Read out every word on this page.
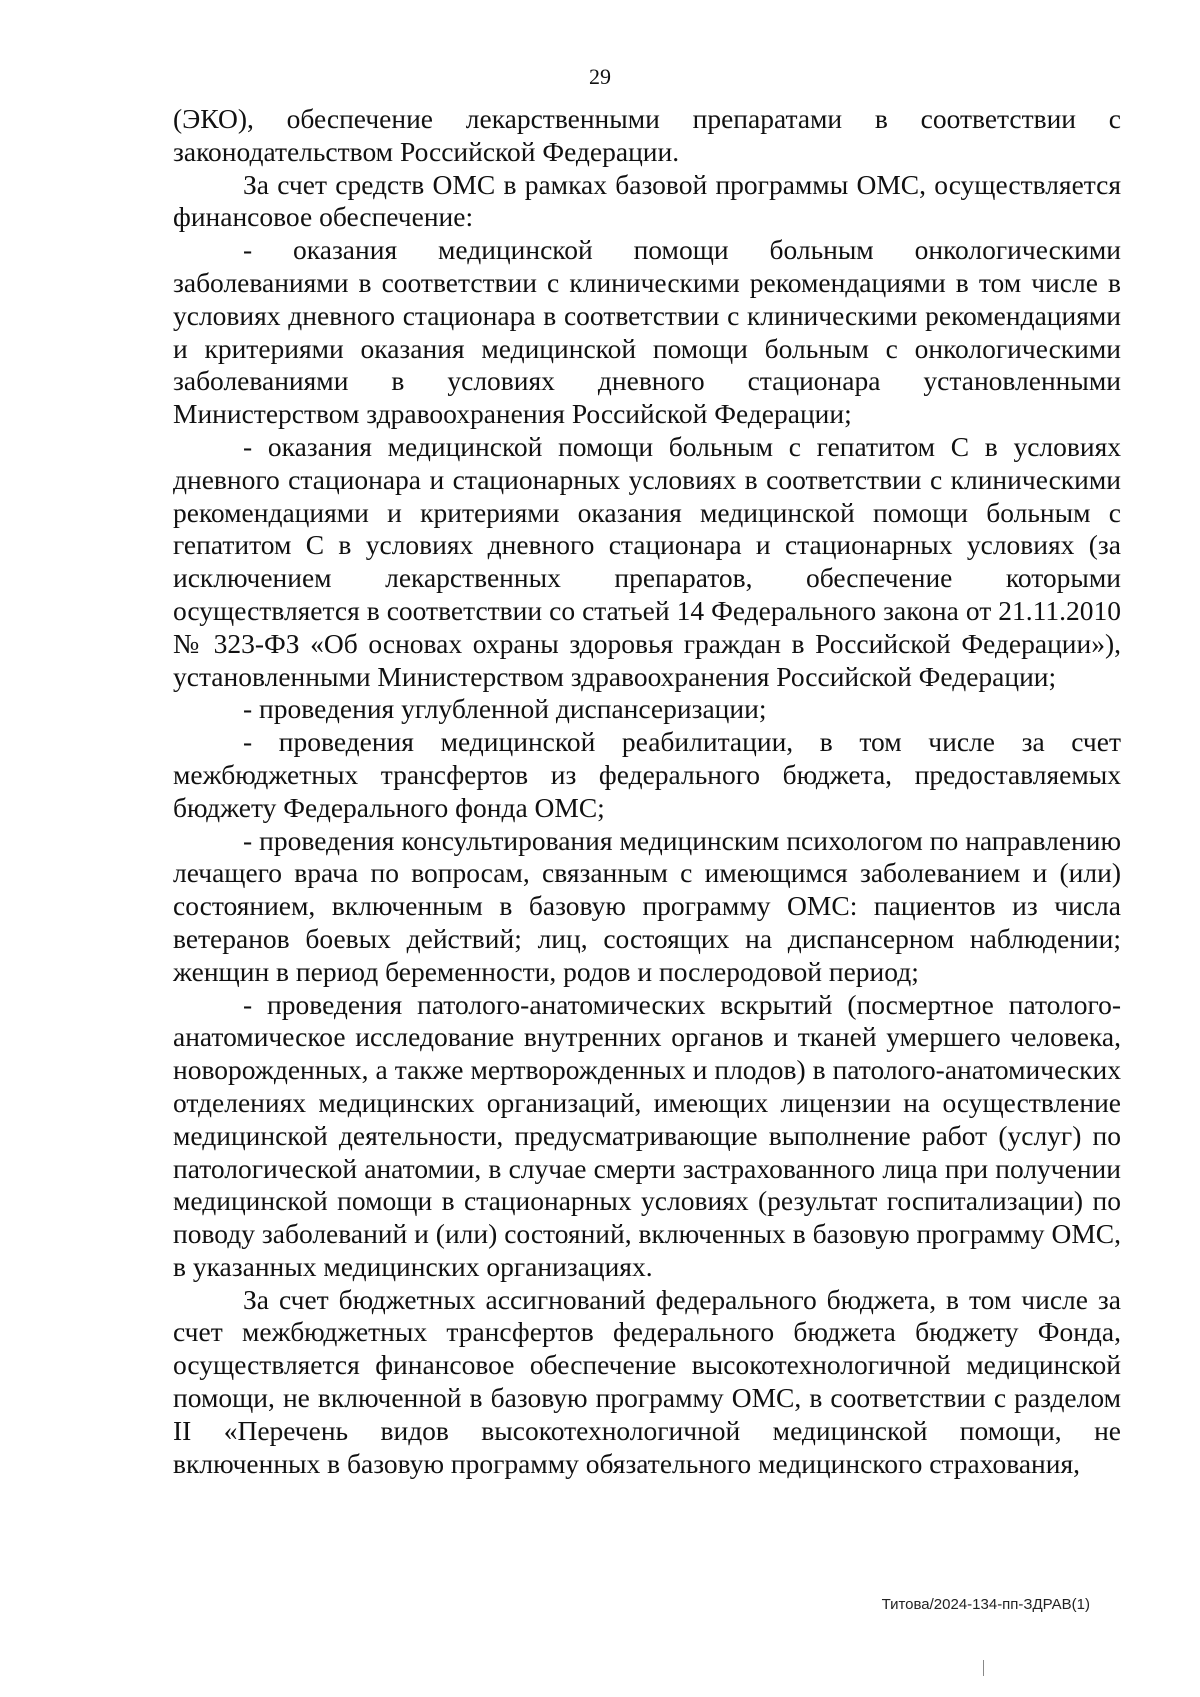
29

(ЭКО), обеспечение лекарственными препаратами в соответствии с законодательством Российской Федерации.

За счет средств ОМС в рамках базовой программы ОМС, осуществляется финансовое обеспечение:

- оказания медицинской помощи больным онкологическими заболеваниями в соответствии с клиническими рекомендациями в том числе в условиях дневного стационара в соответствии с клиническими рекомендациями и критериями оказания медицинской помощи больным с онкологическими заболеваниями в условиях дневного стационара установленными Министерством здравоохранения Российской Федерации;

- оказания медицинской помощи больным с гепатитом С в условиях дневного стационара и стационарных условиях в соответствии с клиническими рекомендациями и критериями оказания медицинской помощи больным с гепатитом С в условиях дневного стационара и стационарных условиях (за исключением лекарственных препаратов, обеспечение которыми осуществляется в соответствии со статьей 14 Федерального закона от 21.11.2010 № 323-ФЗ «Об основах охраны здоровья граждан в Российской Федерации»), установленными Министерством здравоохранения Российской Федерации;

- проведения углубленной диспансеризации;

- проведения медицинской реабилитации, в том числе за счет межбюджетных трансфертов из федерального бюджета, предоставляемых бюджету Федерального фонда ОМС;

- проведения консультирования медицинским психологом по направлению лечащего врача по вопросам, связанным с имеющимся заболеванием и (или) состоянием, включенным в базовую программу ОМС: пациентов из числа ветеранов боевых действий; лиц, состоящих на диспансерном наблюдении; женщин в период беременности, родов и послеродовой период;

- проведения патолого-анатомических вскрытий (посмертное патолого-анатомическое исследование внутренних органов и тканей умершего человека, новорожденных, а также мертворожденных и плодов) в патолого-анатомических отделениях медицинских организаций, имеющих лицензии на осуществление медицинской деятельности, предусматривающие выполнение работ (услуг) по патологической анатомии, в случае смерти застрахованного лица при получении медицинской помощи в стационарных условиях (результат госпитализации) по поводу заболеваний и (или) состояний, включенных в базовую программу ОМС, в указанных медицинских организациях.

За счет бюджетных ассигнований федерального бюджета, в том числе за счет межбюджетных трансфертов федерального бюджета бюджету Фонда, осуществляется финансовое обеспечение высокотехнологичной медицинской помощи, не включенной в базовую программу ОМС, в соответствии с разделом II «Перечень видов высокотехнологичной медицинской помощи, не включенных в базовую программу обязательного медицинского страхования,

Титова/2024-134-пп-ЗДРАВ(1)
